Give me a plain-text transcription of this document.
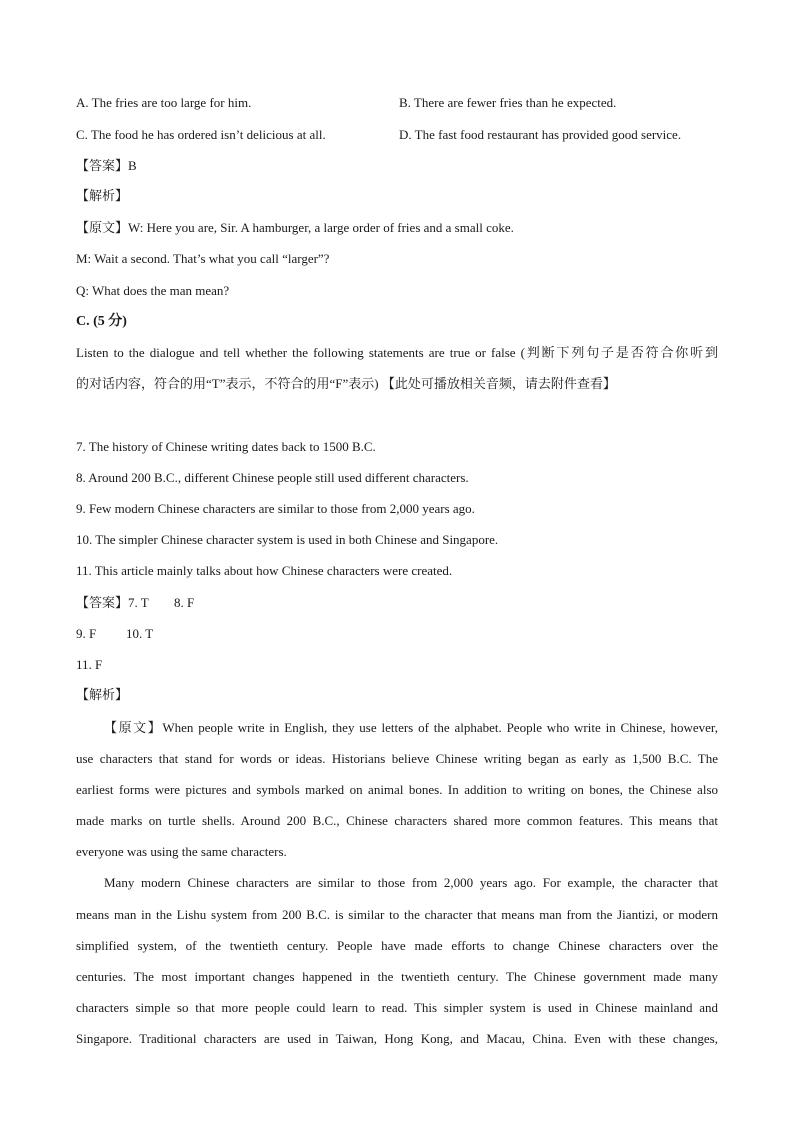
A. The fries are too large for him.	B. There are fewer fries than he expected.
C. The food he has ordered isn’t delicious at all.	D. The fast food restaurant has provided good service.
【答案】B
【解析】
【原文】W: Here you are, Sir. A hamburger, a large order of fries and a small coke.
M: Wait a second. That’s what you call “larger”?
Q: What does the man mean?
C. (5 分)
Listen to the dialogue and tell whether the following statements are true or false (判断下列句子是否符合你听到
的对话内容，符合的用“T”表示，不符合的用“F”表示) 【此处可播放相关音频，请去附件查看】
7. The history of Chinese writing dates back to 1500 B.C.
8. Around 200 B.C., different Chinese people still used different characters.
9. Few modern Chinese characters are similar to those from 2,000 years ago.
10. The simpler Chinese character system is used in both Chinese and Singapore.
11. This article mainly talks about how Chinese characters were created.
【答案】7. T 8. F
9. F 10. T
11. F
【解析】
【原文】When people write in English, they use letters of the alphabet. People who write in Chinese, however,
use characters that stand for words or ideas. Historians believe Chinese writing began as early as 1,500 B.C. The
earliest forms were pictures and symbols marked on animal bones. In addition to writing on bones, the Chinese also
made marks on turtle shells. Around 200 B.C., Chinese characters shared more common features. This means that
everyone was using the same characters.
Many modern Chinese characters are similar to those from 2,000 years ago. For example, the character that
means man in the Lishu system from 200 B.C. is similar to the character that means man from the Jiantizi, or modern
simplified system, of the twentieth century. People have made efforts to change Chinese characters over the
centuries. The most important changes happened in the twentieth century. The Chinese government made many
characters simple so that more people could learn to read. This simpler system is used in Chinese mainland and
Singapore. Traditional characters are used in Taiwan, Hong Kong, and Macau, China. Even with these changes,
